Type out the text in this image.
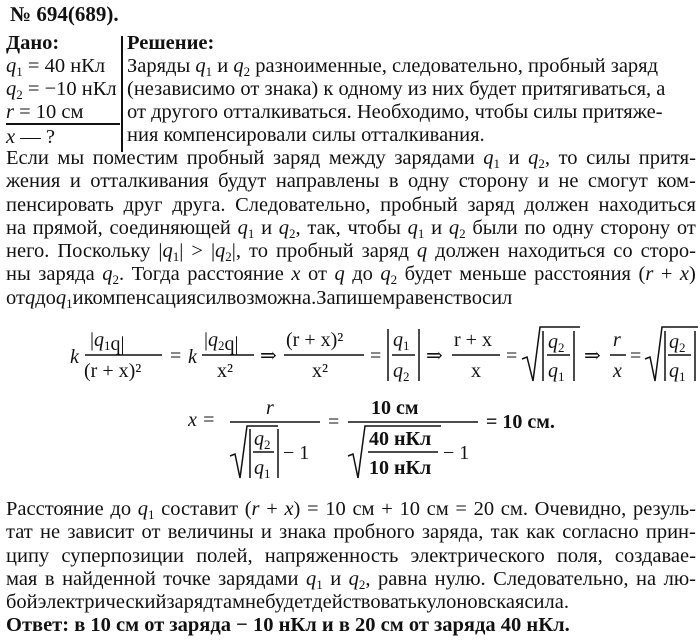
№ 694(689).
Дано:
$q_1 = 40$ нКл
$q_2 = -10$ нКл
r = 10 см
x — ?
Решение:
Заряды $q_1$ и $q_2$ разноименные, следовательно, пробный заряд
(независимо от знака) к одному из них будет притягиваться, а
от другого отталкиваться. Необходимо, чтобы силы притяже-
ния компенсировали силы отталкивания.
Если мы поместим пробный заряд между зарядами $q_1$ и $q_2$, то силы притя-
жения и отталкивания будут направлены в одну сторону и не смогут ком-
пенсировать друг друга. Следовательно, пробный заряд должен находиться
на прямой, соединяющей $q_1$ и $q_2$, так, чтобы $q_1$ и $q_2$ были по одну сторону от
него. Поскольку $|q_1| > |q_2|$, то пробный заряд q должен находиться со сторо-
ны заряда $q_2$. Тогда расстояние x от q до $q_2$ будет меньше расстояния (r + x)
от q до $q_1$ и компенсация сил возможна. Запишем равенство сил
k
$|q_1q|$
(r + x)²
= k
$|q_2q|$
x²
⇒
(r + x)²
x²
=
$q_1$
$q_2$
⇒
r + x
x
=
$q_2$
$q_1$
⇒
r
x
=
$q_2$
$q_1$
x =
r
$q_2$
$q_1$
− 1
=
10 см
40 нКл
10 нКл
− 1
= 10 см.
Расстояние до $q_1$ составит (r + x) = 10 см + 10 см = 20 см. Очевидно, резуль-
тат не зависит от величины и знака пробного заряда, так как согласно прин-
ципу суперпозиции полей, напряженность электрического поля, создавае-
мая в найденной точке зарядами $q_1$ и $q_2$, равна нулю. Следовательно, на лю-
бой электрический заряд там не будет действовать кулоновская сила.
Ответ: в 10 см от заряда − 10 нКл и в 20 см от заряда 40 нКл.
